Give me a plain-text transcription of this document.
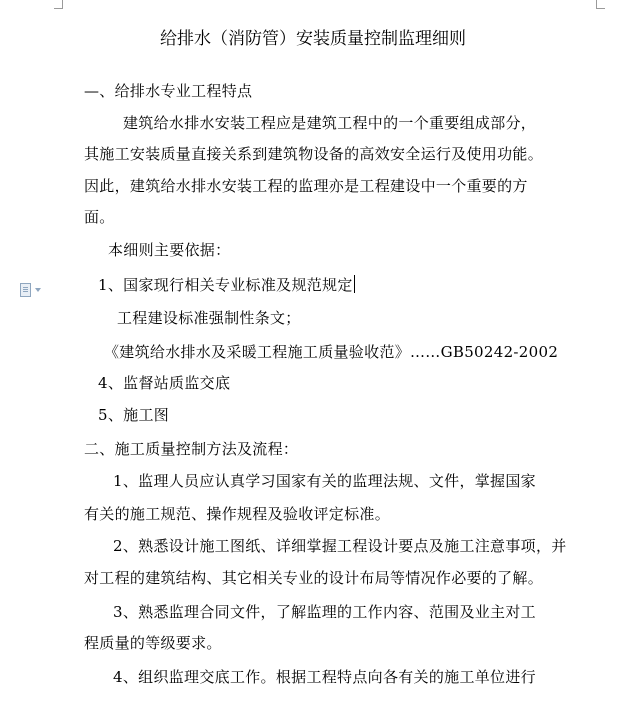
给排水（消防管）安装质量控制监理细则
—、给排水专业工程特点
建筑给水排水安装工程应是建筑工程中的一个重要组成部分，
其施工安装质量直接关系到建筑物设备的高效安全运行及使用功能。
因此，建筑给水排水安装工程的监理亦是工程建设中一个重要的方
面。
本细则主要依据：
1、国家现行相关专业标准及规范规定
工程建设标准强制性条文；
《建筑给水排水及采暖工程施工质量验收范》……GB50242-2002
4、监督站质监交底
5、施工图
二、施工质量控制方法及流程：
1、监理人员应认真学习国家有关的监理法规、文件，掌握国家
有关的施工规范、操作规程及验收评定标准。
2、熟悉设计施工图纸、详细掌握工程设计要点及施工注意事项，并
对工程的建筑结构、其它相关专业的设计布局等情况作必要的了解。
3、熟悉监理合同文件，了解监理的工作内容、范围及业主对工
程质量的等级要求。
4、组织监理交底工作。根据工程特点向各有关的施工单位进行
